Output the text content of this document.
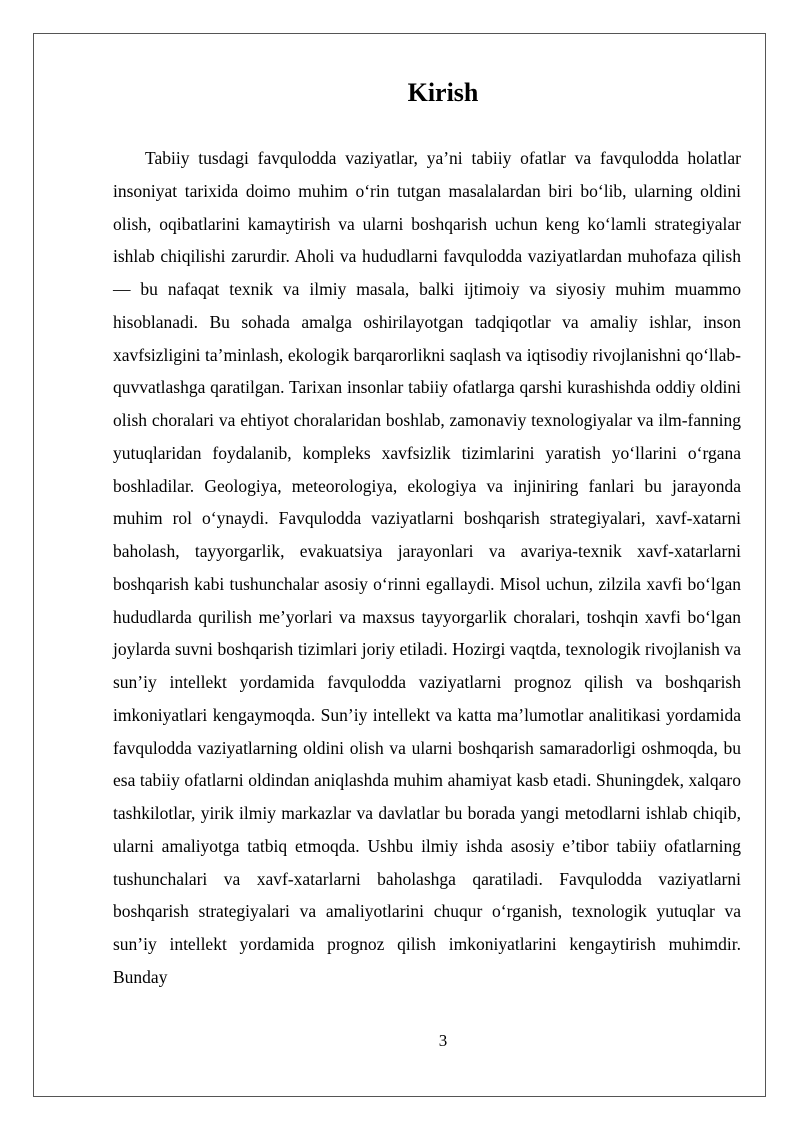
Kirish

Tabiiy tusdagi favqulodda vaziyatlar, ya’ni tabiiy ofatlar va favqulodda holatlar insoniyat tarixida doimo muhim o‘rin tutgan masalalardan biri bo‘lib, ularning oldini olish, oqibatlarini kamaytirish va ularni boshqarish uchun keng ko‘lamli strategiyalar ishlab chiqilishi zarurdir. Aholi va hududlarni favqulodda vaziyatlardan muhofaza qilish — bu nafaqat texnik va ilmiy masala, balki ijtimoiy va siyosiy muhim muammo hisoblanadi. Bu sohada amalga oshirilayotgan tadqiqotlar va amaliy ishlar, inson xavfsizligini ta’minlash, ekologik barqarorlikni saqlash va iqtisodiy rivojlanishni qo‘llab-quvvatlashga qaratilgan. Tarixan insonlar tabiiy ofatlarga qarshi kurashishda oddiy oldini olish choralari va ehtiyot choralaridan boshlab, zamonaviy texnologiyalar va ilm-fanning yutuqlaridan foydalanib, kompleks xavfsizlik tizimlarini yaratish yo‘llarini o‘rgana boshladilar. Geologiya, meteorologiya, ekologiya va injiniring fanlari bu jarayonda muhim rol o‘ynaydi. Favqulodda vaziyatlarni boshqarish strategiyalari, xavf-xatarni baholash, tayyorgarlik, evakuatsiya jarayonlari va avariya-texnik xavf-xatarlarni boshqarish kabi tushunchalar asosiy o‘rinni egallaydi. Misol uchun, zilzila xavfi bo‘lgan hududlarda qurilish me’yorlari va maxsus tayyorgarlik choralari, toshqin xavfi bo‘lgan joylarda suvni boshqarish tizimlari joriy etiladi. Hozirgi vaqtda, texnologik rivojlanish va sun’iy intellekt yordamida favqulodda vaziyatlarni prognoz qilish va boshqarish imkoniyatlari kengaymoqda. Sun’iy intellekt va katta ma’lumotlar analitikasi yordamida favqulodda vaziyatlarning oldini olish va ularni boshqarish samaradorligi oshmoqda, bu esa tabiiy ofatlarni oldindan aniqlashda muhim ahamiyat kasb etadi. Shuningdek, xalqaro tashkilotlar, yirik ilmiy markazlar va davlatlar bu borada yangi metodlarni ishlab chiqib, ularni amaliyotga tatbiq etmoqda. Ushbu ilmiy ishda asosiy e’tibor tabiiy ofatlarning tushunchalari va xavf-xatarlarni baholashga qaratiladi. Favqulodda vaziyatlarni boshqarish strategiyalari va amaliyotlarini chuqur o‘rganish, texnologik yutuqlar va sun’iy intellekt yordamida prognoz qilish imkoniyatlarini kengaytirish muhimdir. Bunday

3
